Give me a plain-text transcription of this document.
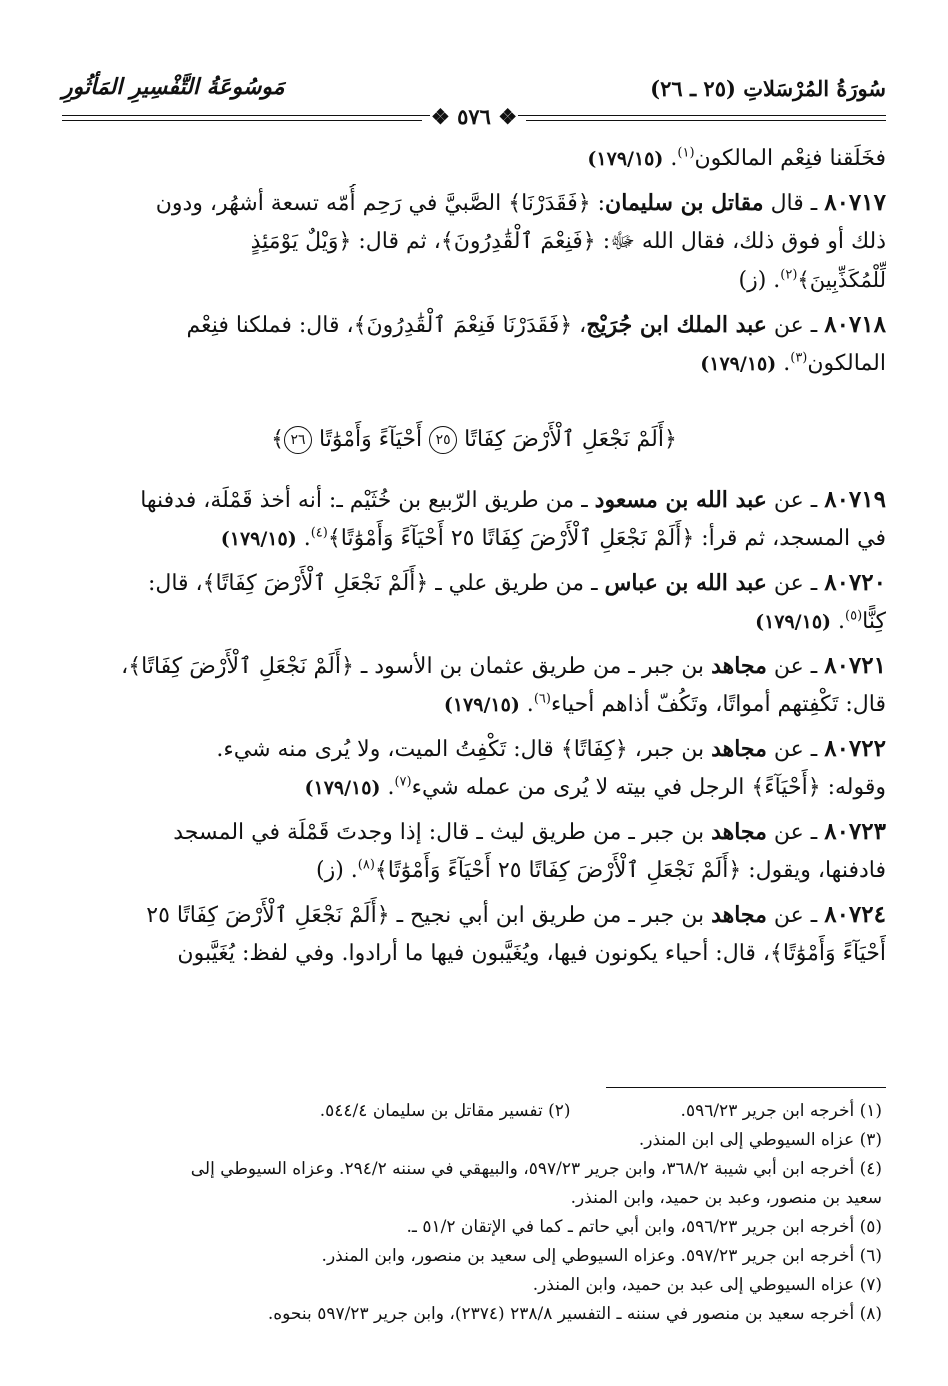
سُورَةُ المُرْسَلاتِ (٢٥ ـ ٢٦)
مَوسُوعَةُ التَّفْسِيرِ المَأثُورِ
❖ ٥٧٦ ❖
فخَلَقنا فنِعْم المالكون$^{(١)}$. (١٧٩/١٥)
٨٠٧١٧ ـ قال مقاتل بن سليمان: ﴿فَقَدَرْنَا﴾ الصَّبيَّ في رَحِم أُمّه تسعة أشهُر، ودون
ذلك أو فوق ذلك، فقال الله ﷻ: ﴿فَنِعْمَ ٱلْقَٰدِرُونَ﴾، ثم قال: ﴿وَيْلٌ يَوْمَئِذٍ
لِّلْمُكَذِّبِينَ﴾$^{(٢)}$. (ز)
٨٠٧١٨ ـ عن عبد الملك ابن جُرَيْج، ﴿فَقَدَرْنَا فَنِعْمَ ٱلْقَٰدِرُونَ﴾، قال: فملكنا فنِعْم
المالكون$^{(٣)}$. (١٧٩/١٥)
﴿أَلَمْ نَجْعَلِ ٱلْأَرْضَ كِفَاتًا ٢٥ أَحْيَآءً وَأَمْوَٰتًا ٢٦﴾
٨٠٧١٩ ـ عن عبد الله بن مسعود ـ من طريق الرّبيع بن خُثَيْم ـ: أنه أخذ قَمْلَة، فدفنها
في المسجد، ثم قرأ: ﴿أَلَمْ نَجْعَلِ ٱلْأَرْضَ كِفَاتًا ٢٥ أَحْيَآءً وَأَمْوَٰتًا﴾$^{(٤)}$. (١٧٩/١٥)
٨٠٧٢٠ ـ عن عبد الله بن عباس ـ من طريق علي ـ ﴿أَلَمْ نَجْعَلِ ٱلْأَرْضَ كِفَاتًا﴾، قال:
كِنًّا$^{(٥)}$. (١٧٩/١٥)
٨٠٧٢١ ـ عن مجاهد بن جبر ـ من طريق عثمان بن الأسود ـ ﴿أَلَمْ نَجْعَلِ ٱلْأَرْضَ كِفَاتًا﴾،
قال: تَكْفِتهم أمواتًا، وتَكُفّ أذاهم أحياء$^{(٦)}$. (١٧٩/١٥)
٨٠٧٢٢ ـ عن مجاهد بن جبر، ﴿كِفَاتًا﴾ قال: تَكْفِتُ الميت، ولا يُرى منه شيء.
وقوله: ﴿أَحْيَآءً﴾ الرجل في بيته لا يُرى من عمله شيء$^{(٧)}$. (١٧٩/١٥)
٨٠٧٢٣ ـ عن مجاهد بن جبر ـ من طريق ليث ـ قال: إذا وجدتَ قَمْلَة في المسجد
فادفنها، ويقول: ﴿أَلَمْ نَجْعَلِ ٱلْأَرْضَ كِفَاتًا ٢٥ أَحْيَآءً وَأَمْوَٰتًا﴾$^{(٨)}$. (ز)
٨٠٧٢٤ ـ عن مجاهد بن جبر ـ من طريق ابن أبي نجيح ـ ﴿أَلَمْ نَجْعَلِ ٱلْأَرْضَ كِفَاتًا ٢٥
أَحْيَآءً وَأَمْوَٰتًا﴾، قال: أحياء يكونون فيها، ويُغَيَّبون فيها ما أرادوا. وفي لفظ: يُغَيَّبون
(١) أخرجه ابن جرير ٥٩٦/٢٣.
(٢) تفسير مقاتل بن سليمان ٥٤٤/٤.
(٣) عزاه السيوطي إلى ابن المنذر.
(٤) أخرجه ابن أبي شيبة ٣٦٨/٢، وابن جرير ٥٩٧/٢٣، والبيهقي في سننه ٢٩٤/٢. وعزاه السيوطي إلى
سعيد بن منصور، وعبد بن حميد، وابن المنذر.
(٥) أخرجه ابن جرير ٥٩٦/٢٣، وابن أبي حاتم ـ كما في الإتقان ٥١/٢ ـ.
(٦) أخرجه ابن جرير ٥٩٧/٢٣. وعزاه السيوطي إلى سعيد بن منصور، وابن المنذر.
(٧) عزاه السيوطي إلى عبد بن حميد، وابن المنذر.
(٨) أخرجه سعيد بن منصور في سننه ـ التفسير ٢٣٨/٨ (٢٣٧٤)، وابن جرير ٥٩٧/٢٣ بنحوه.
